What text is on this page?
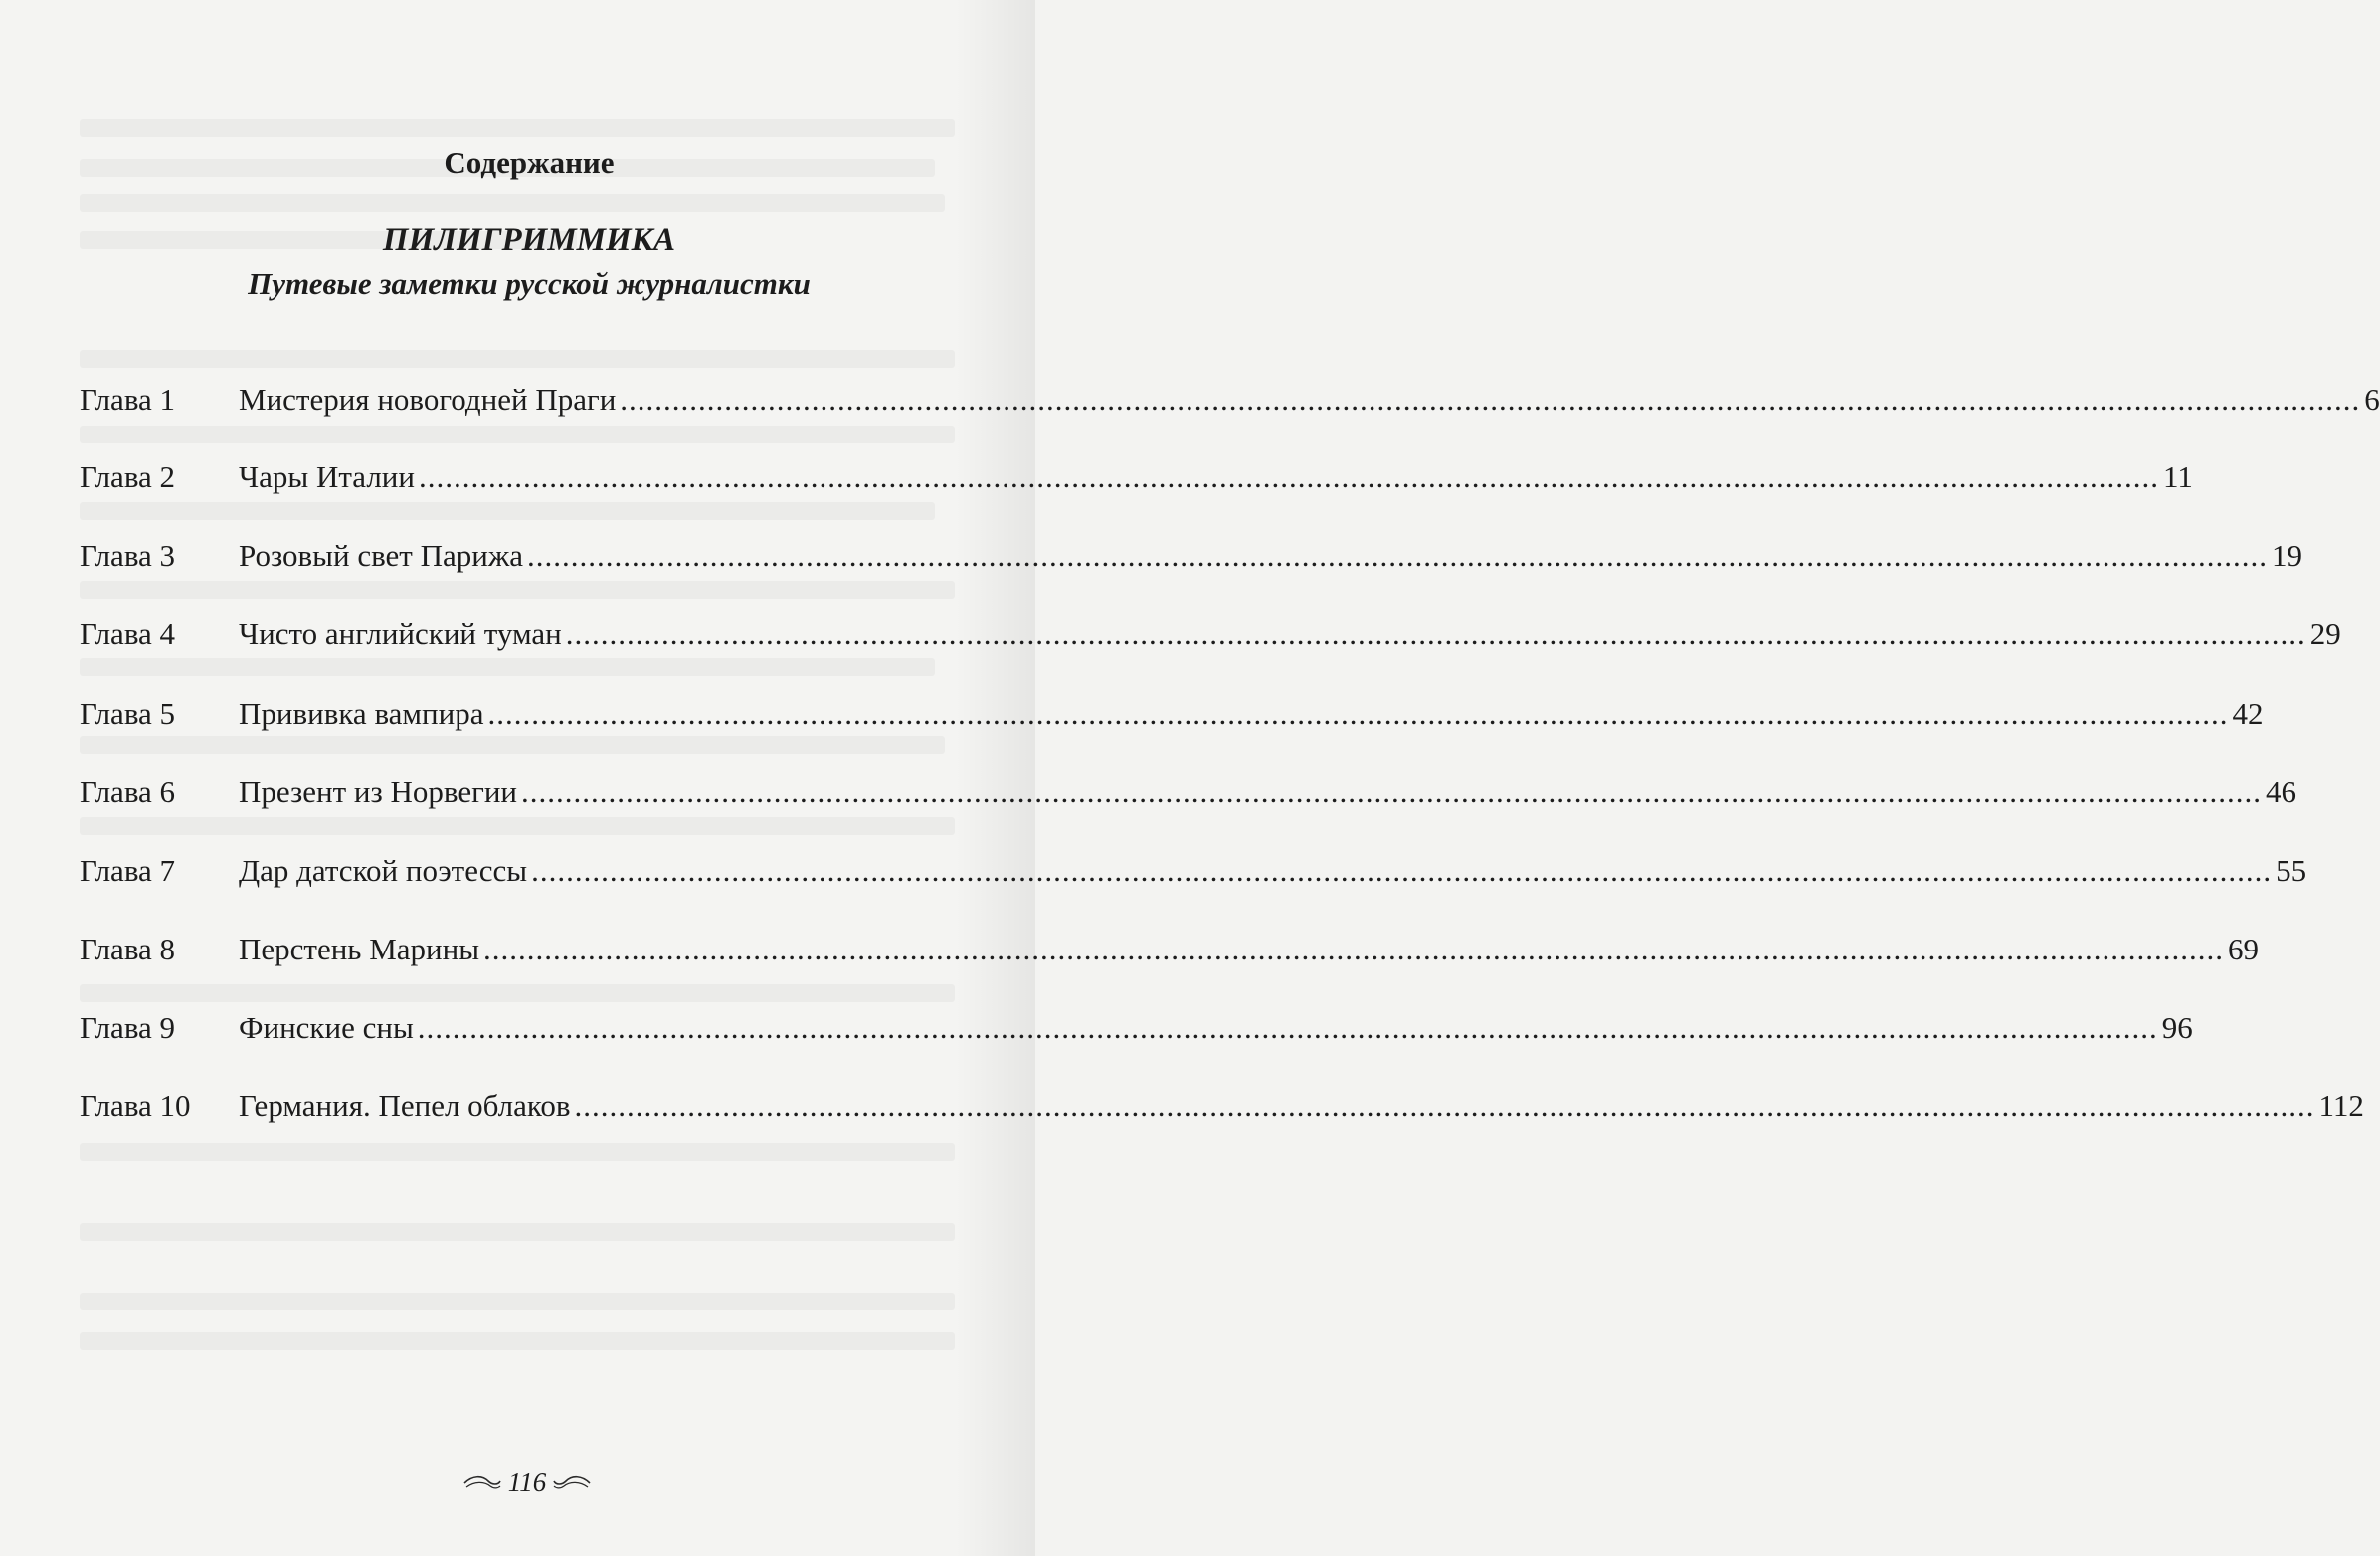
Содержание
ПИЛИГРИММИКА
Путевые заметки русской журналистки
Глава 1	Мистерия новогодней Праги ........................................................................................................................................................................................................ 6
Глава 2	Чары Италии ........................................................................................................................................................................................................ 11
Глава 3	Розовый свет Парижа ........................................................................................................................................................................................................ 19
Глава 4	Чисто английский туман ........................................................................................................................................................................................................ 29
Глава 5	Прививка вампира ........................................................................................................................................................................................................ 42
Глава 6	Презент из Норвегии ........................................................................................................................................................................................................ 46
Глава 7	Дар датской поэтессы ........................................................................................................................................................................................................ 55
Глава 8	Перстень Марины ........................................................................................................................................................................................................ 69
Глава 9	Финские сны ........................................................................................................................................................................................................ 96
Глава 10	Германия. Пепел облаков ........................................................................................................................................................................................................ 112
116
